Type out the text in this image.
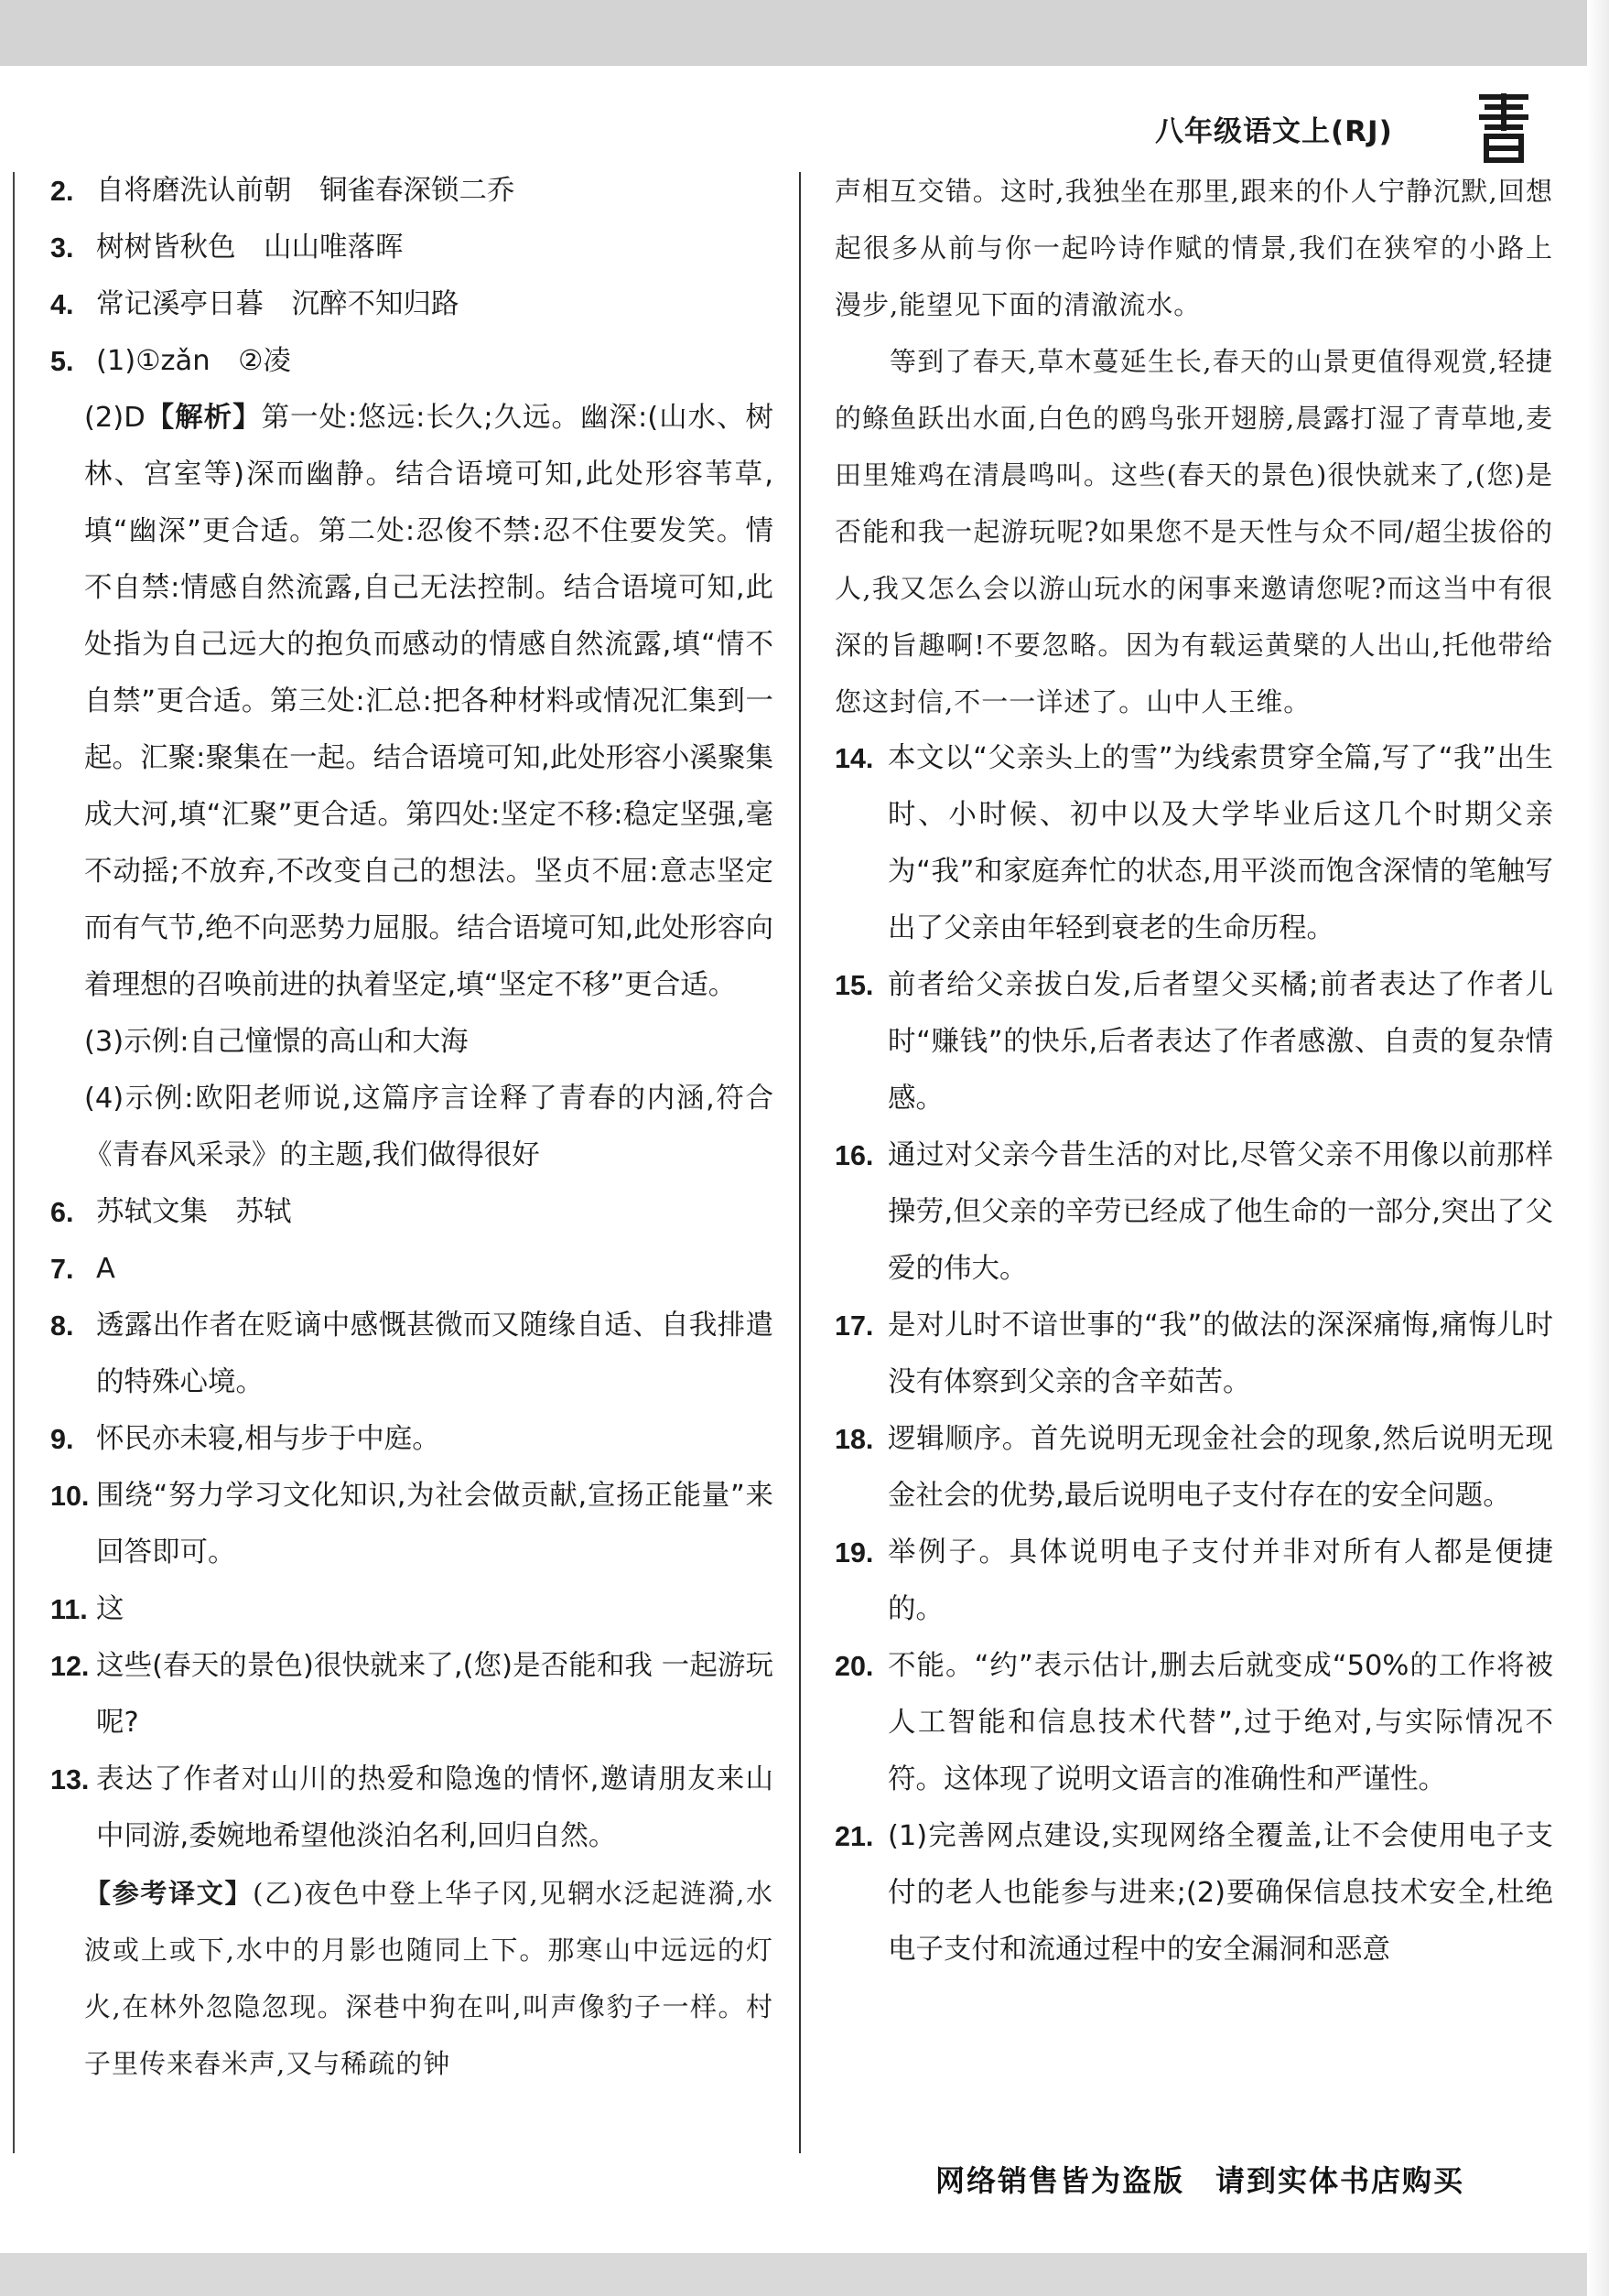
八年级语文上(RJ)
2. 自将磨洗认前朝　铜雀春深锁二乔
3. 树树皆秋色　山山唯落晖
4. 常记溪亭日暮　沉醉不知归路
5. (1)①zǎn　②凌
(2)D【解析】第一处:悠远:长久;久远。幽深:(山水、树林、宫室等)深而幽静。结合语境可知,此处形容苇草,填“幽深”更合适。第二处:忍俊不禁:忍不住要发笑。情不自禁:情感自然流露,自己无法控制。结合语境可知,此处指为自己远大的抱负而感动的情感自然流露,填“情不自禁”更合适。第三处:汇总:把各种材料或情况汇集到一起。汇聚:聚集在一起。结合语境可知,此处形容小溪聚集成大河,填“汇聚”更合适。第四处:坚定不移:稳定坚强,毫不动摇;不放弃,不改变自己的想法。坚贞不屈:意志坚定而有气节,绝不向恶势力屈服。结合语境可知,此处形容向着理想的召唤前进的执着坚定,填“坚定不移”更合适。
(3)示例:自己憧憬的高山和大海
(4)示例:欧阳老师说,这篇序言诠释了青春的内涵,符合《青春风采录》的主题,我们做得很好
6. 苏轼文集　苏轼
7. A
8. 透露出作者在贬谪中感慨甚微而又随缘自适、自我排遣的特殊心境。
9. 怀民亦未寝,相与步于中庭。
10. 围绕“努力学习文化知识,为社会做贡献,宣扬正能量”来回答即可。
11. 这
12. 这些(春天的景色)很快就来了,(您)是否能和我 一起游玩呢?
13. 表达了作者对山川的热爱和隐逸的情怀,邀请朋友来山中同游,委婉地希望他淡泊名利,回归自然。
【参考译文】(乙)夜色中登上华子冈,见辋水泛起涟漪,水波或上或下,水中的月影也随同上下。那寒山中远远的灯火,在林外忽隐忽现。深巷中狗在叫,叫声像豹子一样。村子里传来舂米声,又与稀疏的钟
声相互交错。这时,我独坐在那里,跟来的仆人宁静沉默,回想起很多从前与你一起吟诗作赋的情景,我们在狭窄的小路上漫步,能望见下面的清澈流水。
等到了春天,草木蔓延生长,春天的山景更值得观赏,轻捷的鲦鱼跃出水面,白色的鸥鸟张开翅膀,晨露打湿了青草地,麦田里雉鸡在清晨鸣叫。这些(春天的景色)很快就来了,(您)是否能和我一起游玩呢?如果您不是天性与众不同/超尘拔俗的人,我又怎么会以游山玩水的闲事来邀请您呢?而这当中有很深的旨趣啊!不要忽略。因为有载运黄檗的人出山,托他带给您这封信,不一一详述了。山中人王维。
14. 本文以“父亲头上的雪”为线索贯穿全篇,写了“我”出生时、小时候、初中以及大学毕业后这几个时期父亲为“我”和家庭奔忙的状态,用平淡而饱含深情的笔触写出了父亲由年轻到衰老的生命历程。
15. 前者给父亲拔白发,后者望父买橘;前者表达了作者儿时“赚钱”的快乐,后者表达了作者感激、自责的复杂情感。
16. 通过对父亲今昔生活的对比,尽管父亲不用像以前那样操劳,但父亲的辛劳已经成了他生命的一部分,突出了父爱的伟大。
17. 是对儿时不谙世事的“我”的做法的深深痛悔,痛悔儿时没有体察到父亲的含辛茹苦。
18. 逻辑顺序。首先说明无现金社会的现象,然后说明无现金社会的优势,最后说明电子支付存在的安全问题。
19. 举例子。具体说明电子支付并非对所有人都是便捷的。
20. 不能。“约”表示估计,删去后就变成“50%的工作将被人工智能和信息技术代替”,过于绝对,与实际情况不符。这体现了说明文语言的准确性和严谨性。
21. (1)完善网点建设,实现网络全覆盖,让不会使用电子支付的老人也能参与进来;(2)要确保信息技术安全,杜绝电子支付和流通过程中的安全漏洞和恶意
网络销售皆为盗版　请到实体书店购买
